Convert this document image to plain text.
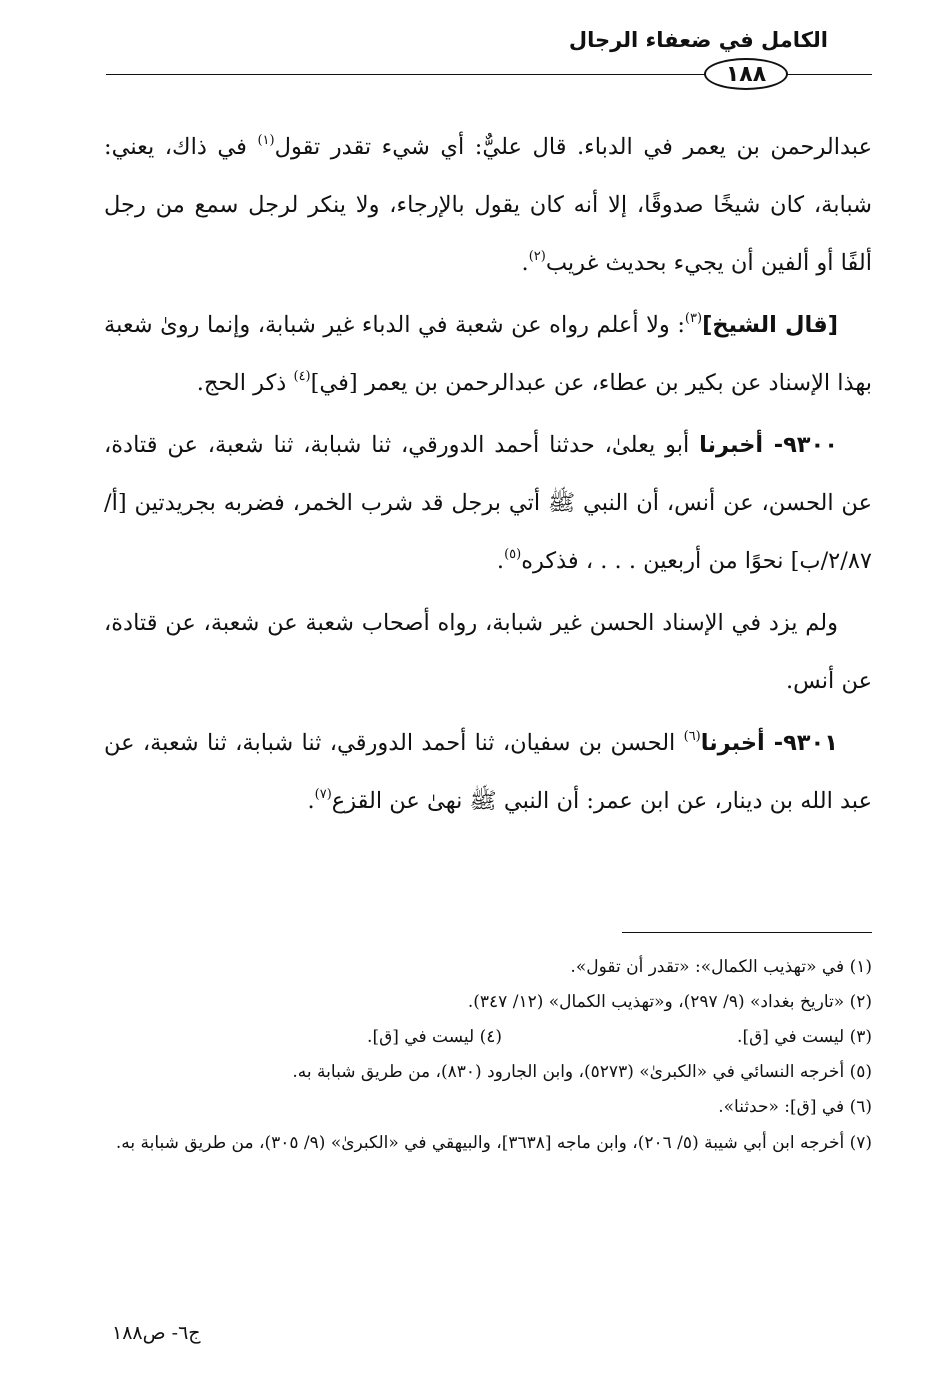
الكامل في ضعفاء الرجال
١٨٨

عبدالرحمن بن يعمر في الدباء. قال عليٌّ: أي شيء تقدر تقول$^{(١)}$ في ذاك، يعني: شبابة، كان شيخًا صدوقًا، إلا أنه كان يقول بالإرجاء، ولا ينكر لرجل سمع من رجل ألفًا أو ألفين أن يجيء بحديث غريب$^{(٢)}$.

[قال الشيخ]$^{(٣)}$: ولا أعلم رواه عن شعبة في الدباء غير شبابة، وإنما روىٰ شعبة بهذا الإسناد عن بكير بن عطاء، عن عبدالرحمن بن يعمر [في]$^{(٤)}$ ذكر الحج.

٩٣٠٠- أخبرنا أبو يعلىٰ، حدثنا أحمد الدورقي، ثنا شبابة، ثنا شعبة، عن قتادة، عن الحسن، عن أنس، أن النبي ﷺ أتي برجل قد شرب الخمر، فضربه بجريدتين [أ/٢/٨٧/ب] نحوًا من أربعين . . . ، فذكره$^{(٥)}$.

ولم يزد في الإسناد الحسن غير شبابة، رواه أصحاب شعبة عن شعبة، عن قتادة، عن أنس.

٩٣٠١- أخبرنا$^{(٦)}$ الحسن بن سفيان، ثنا أحمد الدورقي، ثنا شبابة، ثنا شعبة، عن عبد الله بن دينار، عن ابن عمر: أن النبي ﷺ نهىٰ عن القزع$^{(٧)}$.

(١) في «تهذيب الكمال»: «تقدر أن تقول».

(٢) «تاريخ بغداد» (٩/ ٢٩٧)، و«تهذيب الكمال» (١٢/ ٣٤٧).

(٣) ليست في [ق].
(٤) ليست في [ق].

(٥) أخرجه النسائي في «الكبرىٰ» (٥٢٧٣)، وابن الجارود (٨٣٠)، من طريق شبابة به.

(٦) في [ق]: «حدثنا».

(٧) أخرجه ابن أبي شيبة (٥/ ٢٠٦)، وابن ماجه [٣٦٣٨]، والبيهقي في «الكبرىٰ» (٩/ ٣٠٥)، من طريق شبابة به.

ج٦- ص١٨٨
